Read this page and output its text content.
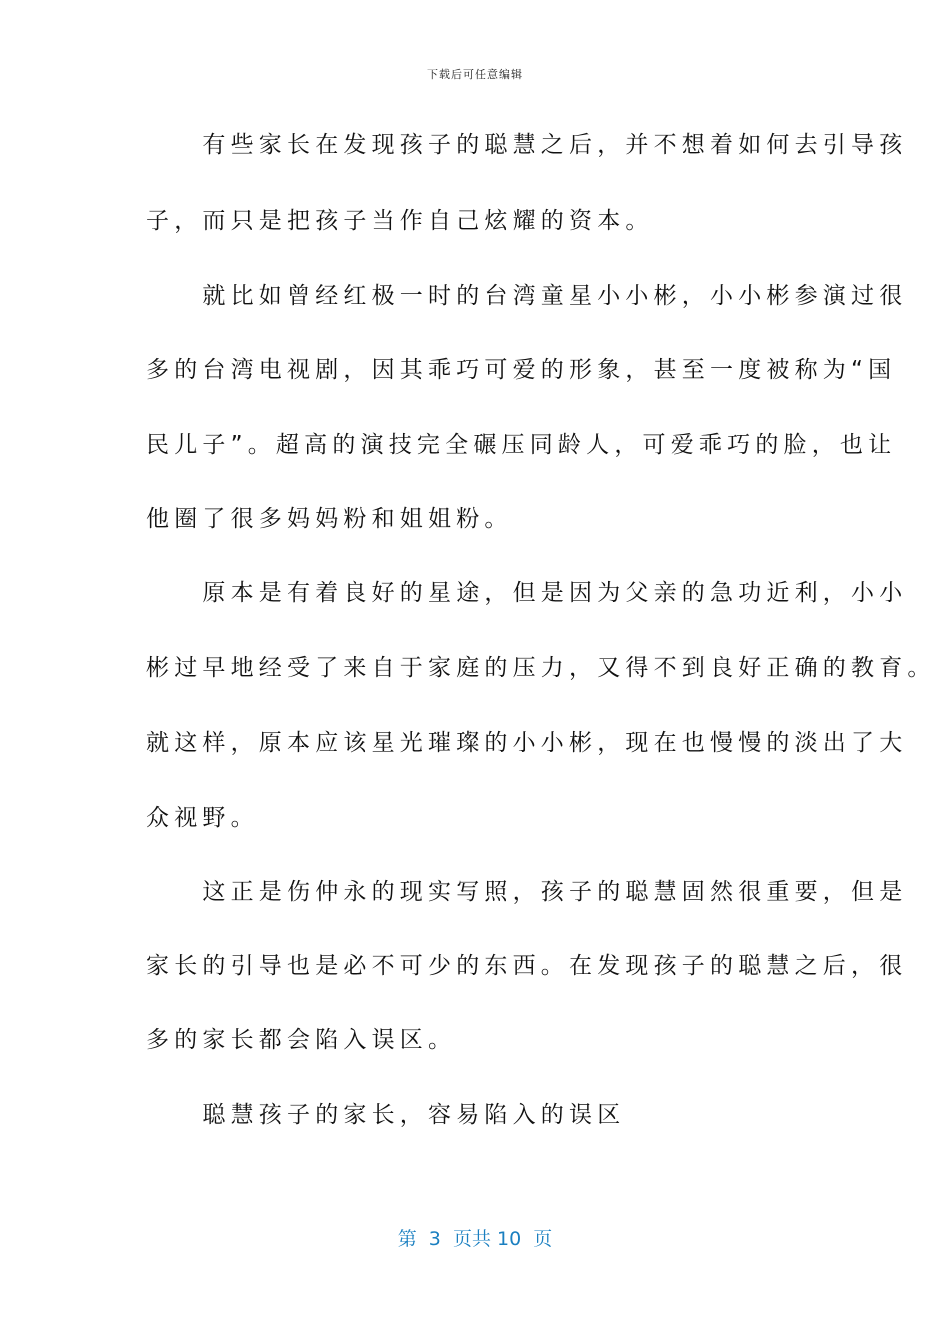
下载后可任意编辑
　　有些家长在发现孩子的聪慧之后，并不想着如何去引导孩
子，而只是把孩子当作自己炫耀的资本。
　　就比如曾经红极一时的台湾童星小小彬，小小彬参演过很
多的台湾电视剧，因其乖巧可爱的形象，甚至一度被称为“国
民儿子”。超高的演技完全碾压同龄人，可爱乖巧的脸，也让
他圈了很多妈妈粉和姐姐粉。
　　原本是有着良好的星途，但是因为父亲的急功近利，小小
彬过早地经受了来自于家庭的压力，又得不到良好正确的教育。
就这样，原本应该星光璀璨的小小彬，现在也慢慢的淡出了大
众视野。
　　这正是伤仲永的现实写照，孩子的聪慧固然很重要，但是
家长的引导也是必不可少的东西。在发现孩子的聪慧之后，很
多的家长都会陷入误区。
　　聪慧孩子的家长，容易陷入的误区
第  3  页共 10  页
